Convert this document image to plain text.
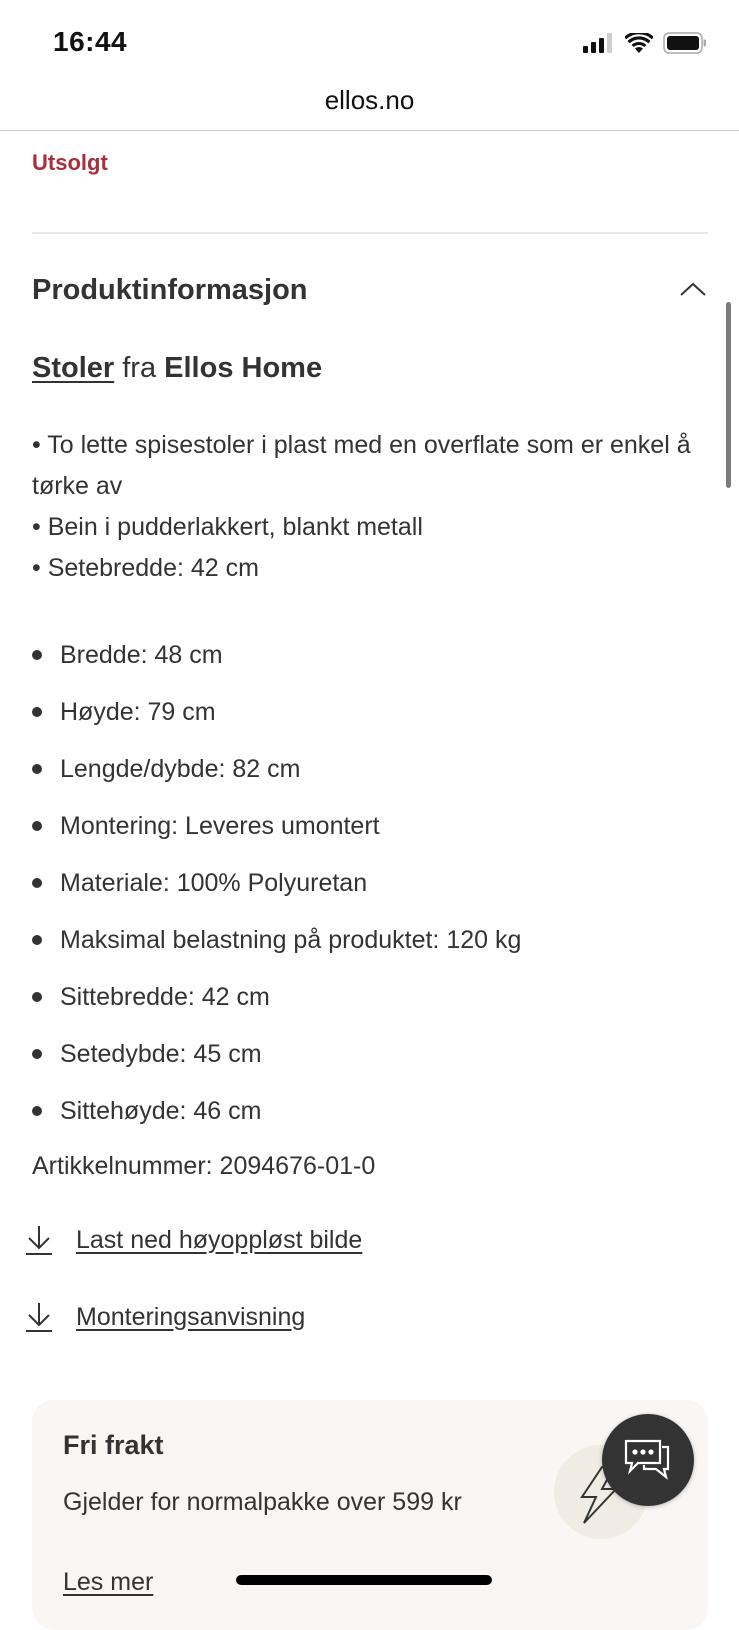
16:44
ellos.no
Utsolgt
Produktinformasjon
Stoler fra Ellos Home

• To lette spisestoler i plast med en overflate som er enkel å tørke av

• Bein i pudderlakkert, blankt metall

• Setebredde: 42 cm

Bredde: 48 cm
Høyde: 79 cm
Lengde/dybde: 82 cm
Montering: Leveres umontert
Materiale: 100% Polyuretan
Maksimal belastning på produktet: 120 kg
Sittebredde: 42 cm
Setedybde: 45 cm
Sittehøyde: 46 cm
Artikkelnummer: 2094676-01-0
Last ned høyoppløst bilde
Monteringsanvisning
Fri frakt
Gjelder for normalpakke over 599 kr
Les mer
